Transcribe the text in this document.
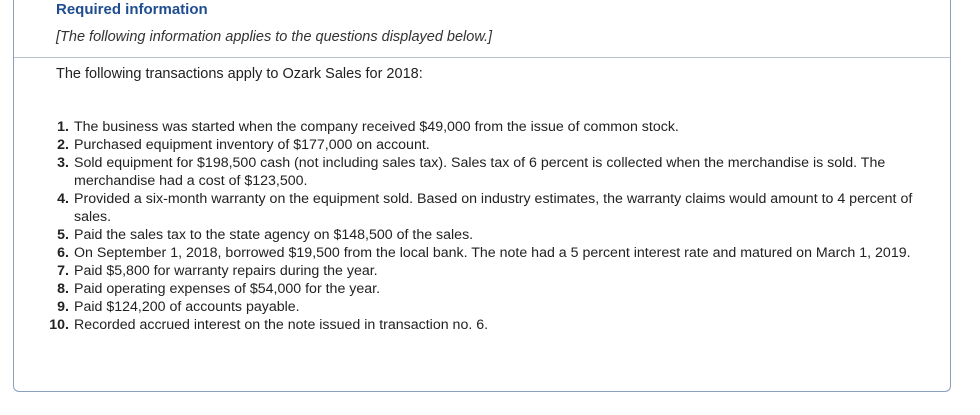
Required information

[The following information applies to the questions displayed below.]

The following transactions apply to Ozark Sales for 2018:

1. The business was started when the company received $49,000 from the issue of common stock.
2. Purchased equipment inventory of $177,000 on account.
3. Sold equipment for $198,500 cash (not including sales tax). Sales tax of 6 percent is collected when the merchandise is sold. The merchandise had a cost of $123,500.
4. Provided a six-month warranty on the equipment sold. Based on industry estimates, the warranty claims would amount to 4 percent of sales.
5. Paid the sales tax to the state agency on $148,500 of the sales.
6. On September 1, 2018, borrowed $19,500 from the local bank. The note had a 5 percent interest rate and matured on March 1, 2019.
7. Paid $5,800 for warranty repairs during the year.
8. Paid operating expenses of $54,000 for the year.
9. Paid $124,200 of accounts payable.
10. Recorded accrued interest on the note issued in transaction no. 6.
